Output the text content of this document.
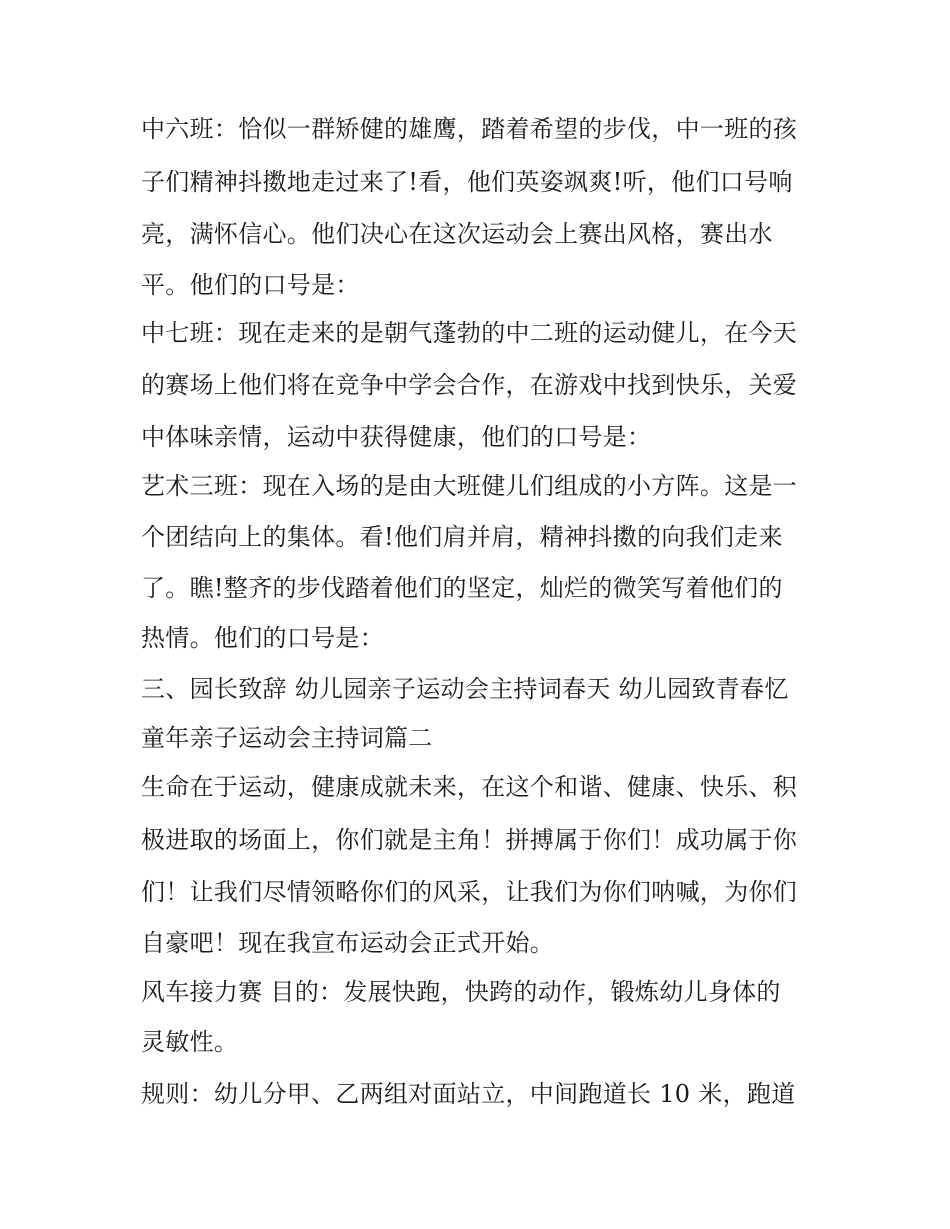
中六班：恰似一群矫健的雄鹰，踏着希望的步伐，中一班的孩
子们精神抖擞地走过来了!看，他们英姿飒爽!听，他们口号响
亮，满怀信心。他们决心在这次运动会上赛出风格，赛出水
平。他们的口号是：
中七班：现在走来的是朝气蓬勃的中二班的运动健儿，在今天
的赛场上他们将在竞争中学会合作，在游戏中找到快乐，关爱
中体味亲情，运动中获得健康，他们的口号是：
艺术三班：现在入场的是由大班健儿们组成的小方阵。这是一
个团结向上的集体。看!他们肩并肩，精神抖擞的向我们走来
了。瞧!整齐的步伐踏着他们的坚定，灿烂的微笑写着他们的
热情。他们的口号是：
三、园长致辞 幼儿园亲子运动会主持词春天 幼儿园致青春忆
童年亲子运动会主持词篇二
生命在于运动，健康成就未来，在这个和谐、健康、快乐、积
极进取的场面上，你们就是主角！拼搏属于你们！成功属于你
们！让我们尽情领略你们的风采，让我们为你们呐喊，为你们
自豪吧！现在我宣布运动会正式开始。
风车接力赛 目的：发展快跑，快跨的动作，锻炼幼儿身体的
灵敏性。
规则：幼儿分甲、乙两组对面站立，中间跑道长 10 米，跑道
